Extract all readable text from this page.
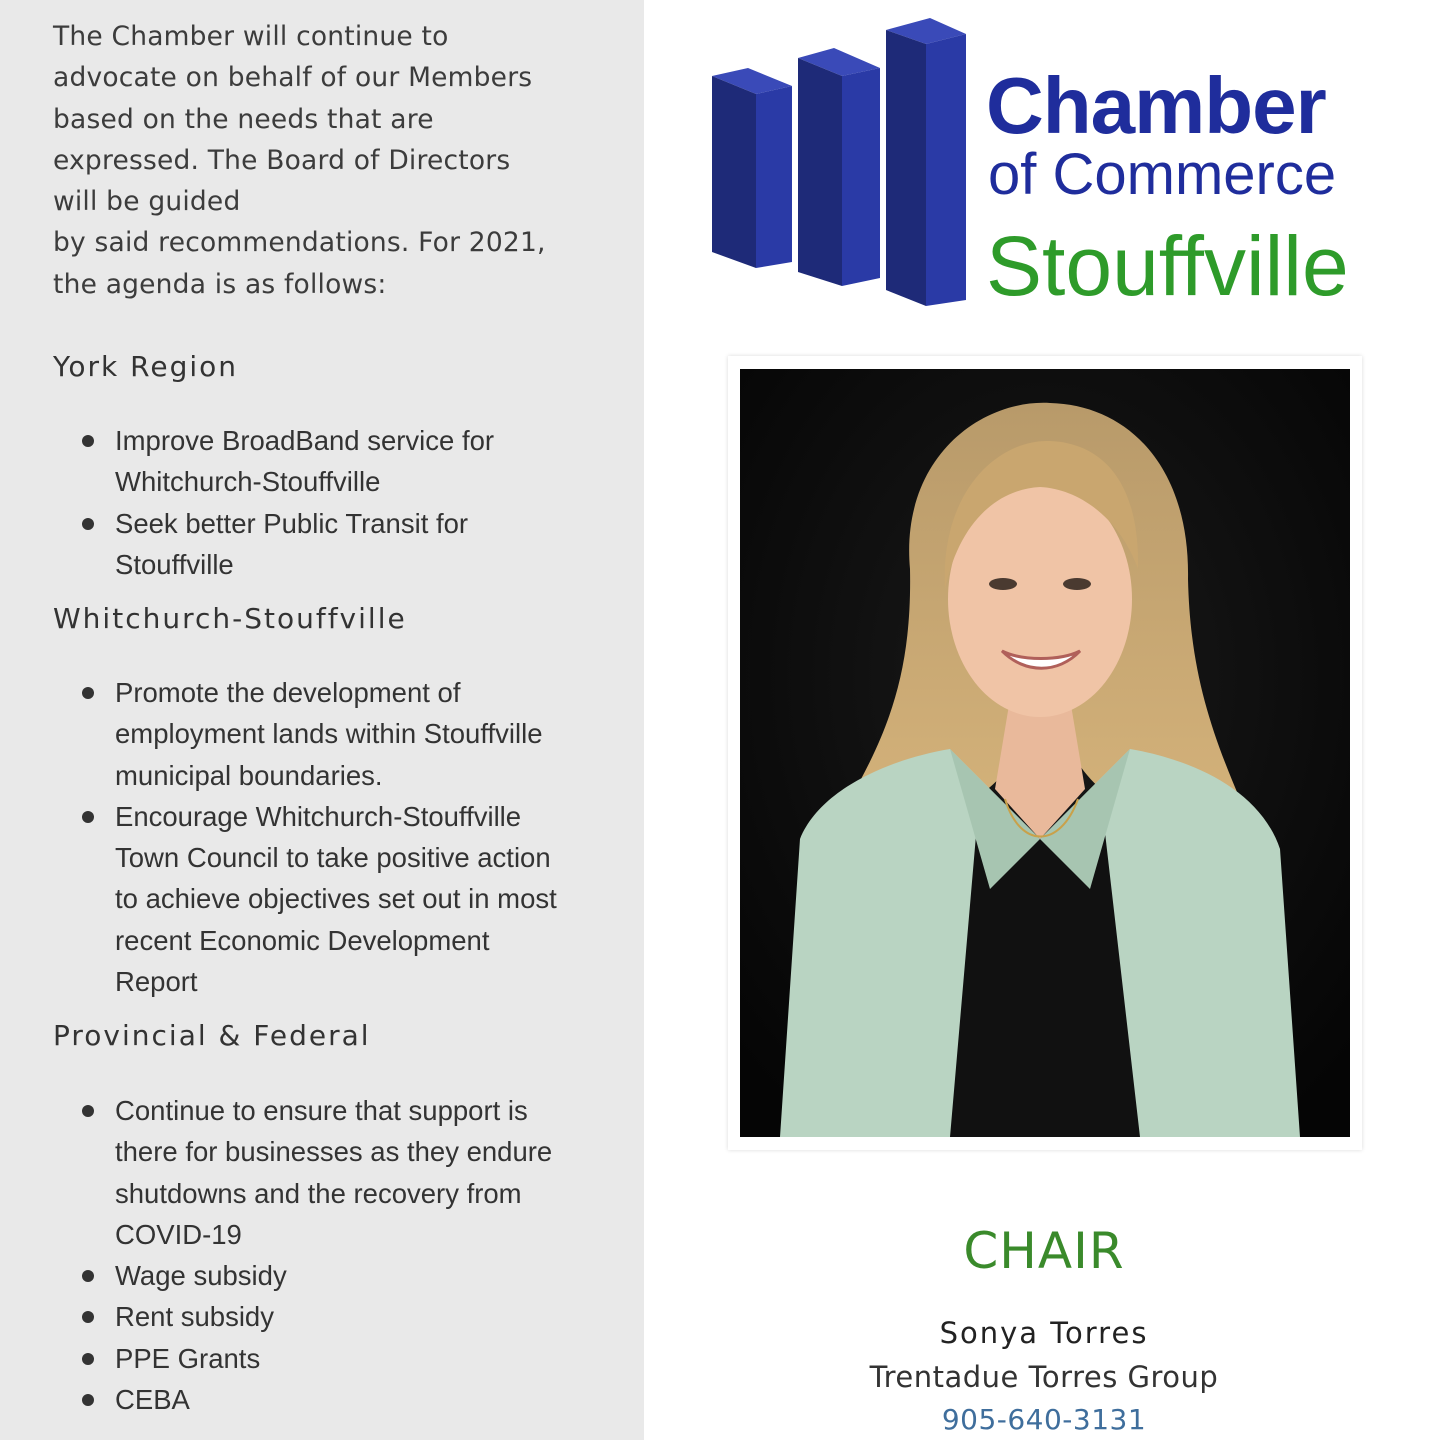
The Chamber will continue to
advocate on behalf of our Members
based on the needs that are
expressed. The Board of Directors
will be guided
by said recommendations. For 2021,
the agenda is as follows:

York Region
Improve BroadBand service for
Whitchurch-Stouffville
Seek better Public Transit for
Stouffville
Whitchurch-Stouffville
Promote the development of
employment lands within Stouffville
municipal boundaries.
Encourage Whitchurch-Stouffville
Town Council to take positive action
to achieve objectives set out in most
recent Economic Development
Report
Provincial & Federal
Continue to ensure that support is
there for businesses as they endure
shutdowns and the recovery from
COVID-19
Wage subsidy
Rent subsidy
PPE Grants
CEBA
Chamber
of Commerce
Stouffville
CHAIR

Sonya Torres

Trentadue Torres Group

905-640-3131
